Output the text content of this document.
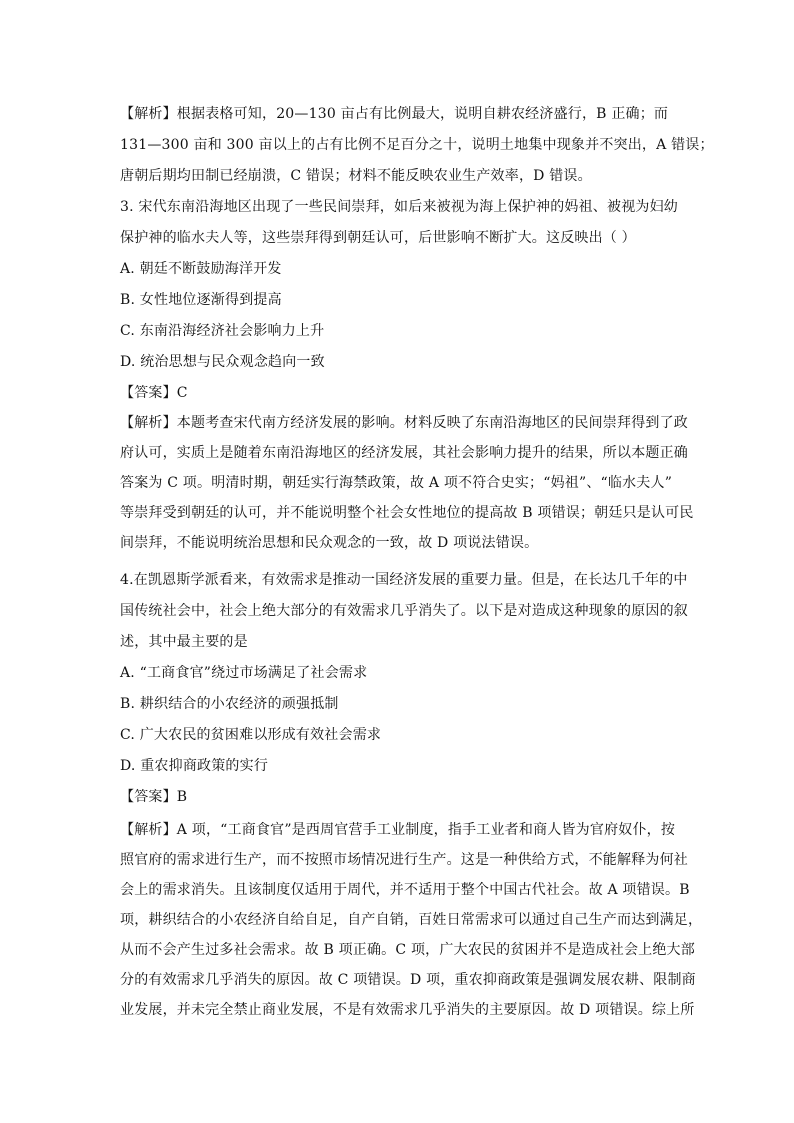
【解析】根据表格可知，20—130 亩占有比例最大，说明自耕农经济盛行，B 正确；而
131—300 亩和 300 亩以上的占有比例不足百分之十，说明土地集中现象并不突出，A 错误；
唐朝后期均田制已经崩溃，C 错误；材料不能反映农业生产效率，D 错误。
3. 宋代东南沿海地区出现了一些民间崇拜，如后来被视为海上保护神的妈祖、被视为妇幼
保护神的临水夫人等，这些崇拜得到朝廷认可，后世影响不断扩大。这反映出（ ）
A. 朝廷不断鼓励海洋开发
B. 女性地位逐渐得到提高
C. 东南沿海经济社会影响力上升
D. 统治思想与民众观念趋向一致
【答案】C
【解析】本题考查宋代南方经济发展的影响。材料反映了东南沿海地区的民间崇拜得到了政
府认可，实质上是随着东南沿海地区的经济发展，其社会影响力提升的结果，所以本题正确
答案为 C 项。明清时期，朝廷实行海禁政策，故 A 项不符合史实；“妈祖”、“临水夫人”
等崇拜受到朝廷的认可，并不能说明整个社会女性地位的提高故 B 项错误；朝廷只是认可民
间崇拜，不能说明统治思想和民众观念的一致，故 D 项说法错误。
4.在凯恩斯学派看来，有效需求是推动一国经济发展的重要力量。但是，在长达几千年的中
国传统社会中，社会上绝大部分的有效需求几乎消失了。以下是对造成这种现象的原因的叙
述，其中最主要的是
A. “工商食官”绕过市场满足了社会需求
B. 耕织结合的小农经济的顽强抵制
C. 广大农民的贫困难以形成有效社会需求
D. 重农抑商政策的实行
【答案】B
【解析】A 项，“工商食官”是西周官营手工业制度，指手工业者和商人皆为官府奴仆，按
照官府的需求进行生产，而不按照市场情况进行生产。这是一种供给方式，不能解释为何社
会上的需求消失。且该制度仅适用于周代，并不适用于整个中国古代社会。故 A 项错误。B
项，耕织结合的小农经济自给自足，自产自销，百姓日常需求可以通过自己生产而达到满足，
从而不会产生过多社会需求。故 B 项正确。C 项，广大农民的贫困并不是造成社会上绝大部
分的有效需求几乎消失的原因。故 C 项错误。D 项，重农抑商政策是强调发展农耕、限制商
业发展，并未完全禁止商业发展，不是有效需求几乎消失的主要原因。故 D 项错误。综上所
